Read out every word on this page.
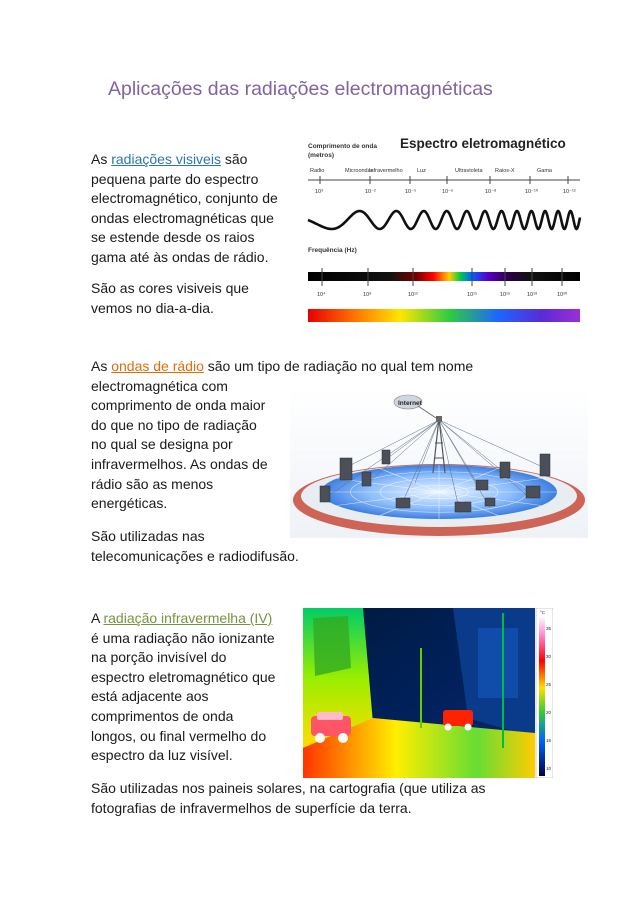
Aplicações das radiações electromagnéticas
As radiações visiveis são
pequena parte do espectro
electromagnético, conjunto de
ondas electromagnéticas que
se estende desde os raios
gama até às ondas de rádio.
São as cores visiveis que
vemos no dia-a-dia.
Espectro eletromagnético
Comprimento de onda
(metros)
Radio	Microondas
Infravermelho	Luz	Ultravioleta Raios-X	Gama
10³	10⁻²	10⁻⁵	10⁻⁶	10⁻⁸	10⁻¹⁰	10⁻¹²
Frequência (Hz)
10⁴	10⁸	10¹²	10¹⁵	10¹⁶	10¹⁸	10²⁰
As ondas de rádio são um tipo de radiação no qual tem nome
electromagnética com
comprimento de onda maior
do que no tipo de radiação
no qual se designa por
infravermelhos. As ondas de
rádio são as menos
energéticas.
São utilizadas nas
telecomunicações e radiodifusão.
Internet
A radiação infravermelha (IV)
é uma radiação não ionizante
na porção invisível do
espectro eletromagnético que
está adjacente aos
comprimentos de onda
longos, ou final vermelho do
espectro da luz visível.
São utilizadas nos paineis solares, na cartografia (que utiliza as
fotografias de infravermelhos de superfície da terra.
°C
35
30
25
20
15
10
